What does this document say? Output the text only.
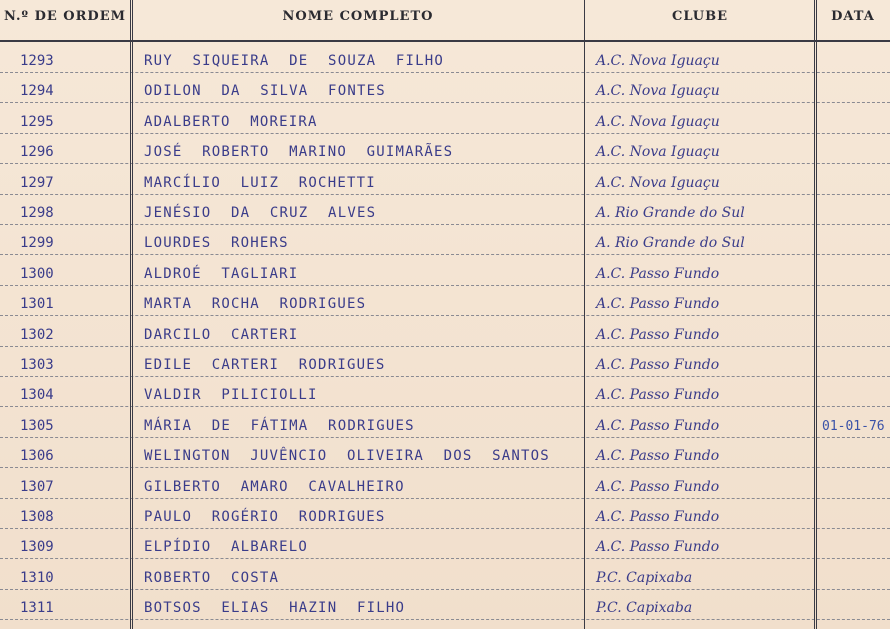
N.º DE ORDEM	NOME COMPLETO	CLUBE	DATA
1293	RUY SIQUEIRA DE SOUZA FILHO	A.C. Nova Iguaçu
1294	ODILON DA SILVA FONTES	A.C. Nova Iguaçu
1295	ADALBERTO MOREIRA	A.C. Nova Iguaçu
1296	JOSÉ ROBERTO MARINO GUIMARÃES	A.C. Nova Iguaçu
1297	MARCÍLIO LUIZ ROCHETTI	A.C. Nova Iguaçu
1298	JENÉSIO DA CRUZ ALVES	A. Rio Grande do Sul
1299	LOURDES ROHERS	A. Rio Grande do Sul
1300	ALDROÉ TAGLIARI	A.C. Passo Fundo
1301	MARTA ROCHA RODRIGUES	A.C. Passo Fundo
1302	DARCILO CARTERI	A.C. Passo Fundo
1303	EDILE CARTERI RODRIGUES	A.C. Passo Fundo
1304	VALDIR PILICIOLLI	A.C. Passo Fundo
1305	MÁRIA DE FÁTIMA RODRIGUES	A.C. Passo Fundo	01-01-76
1306	WELINGTON JUVÊNCIO OLIVEIRA DOS SANTOS	A.C. Passo Fundo
1307	GILBERTO AMARO CAVALHEIRO	A.C. Passo Fundo
1308	PAULO ROGÉRIO RODRIGUES	A.C. Passo Fundo
1309	ELPÍDIO ALBARELO	A.C. Passo Fundo
1310	ROBERTO COSTA	P.C. Capixaba
1311	BOTSOS ELIAS HAZIN FILHO	P.C. Capixaba
